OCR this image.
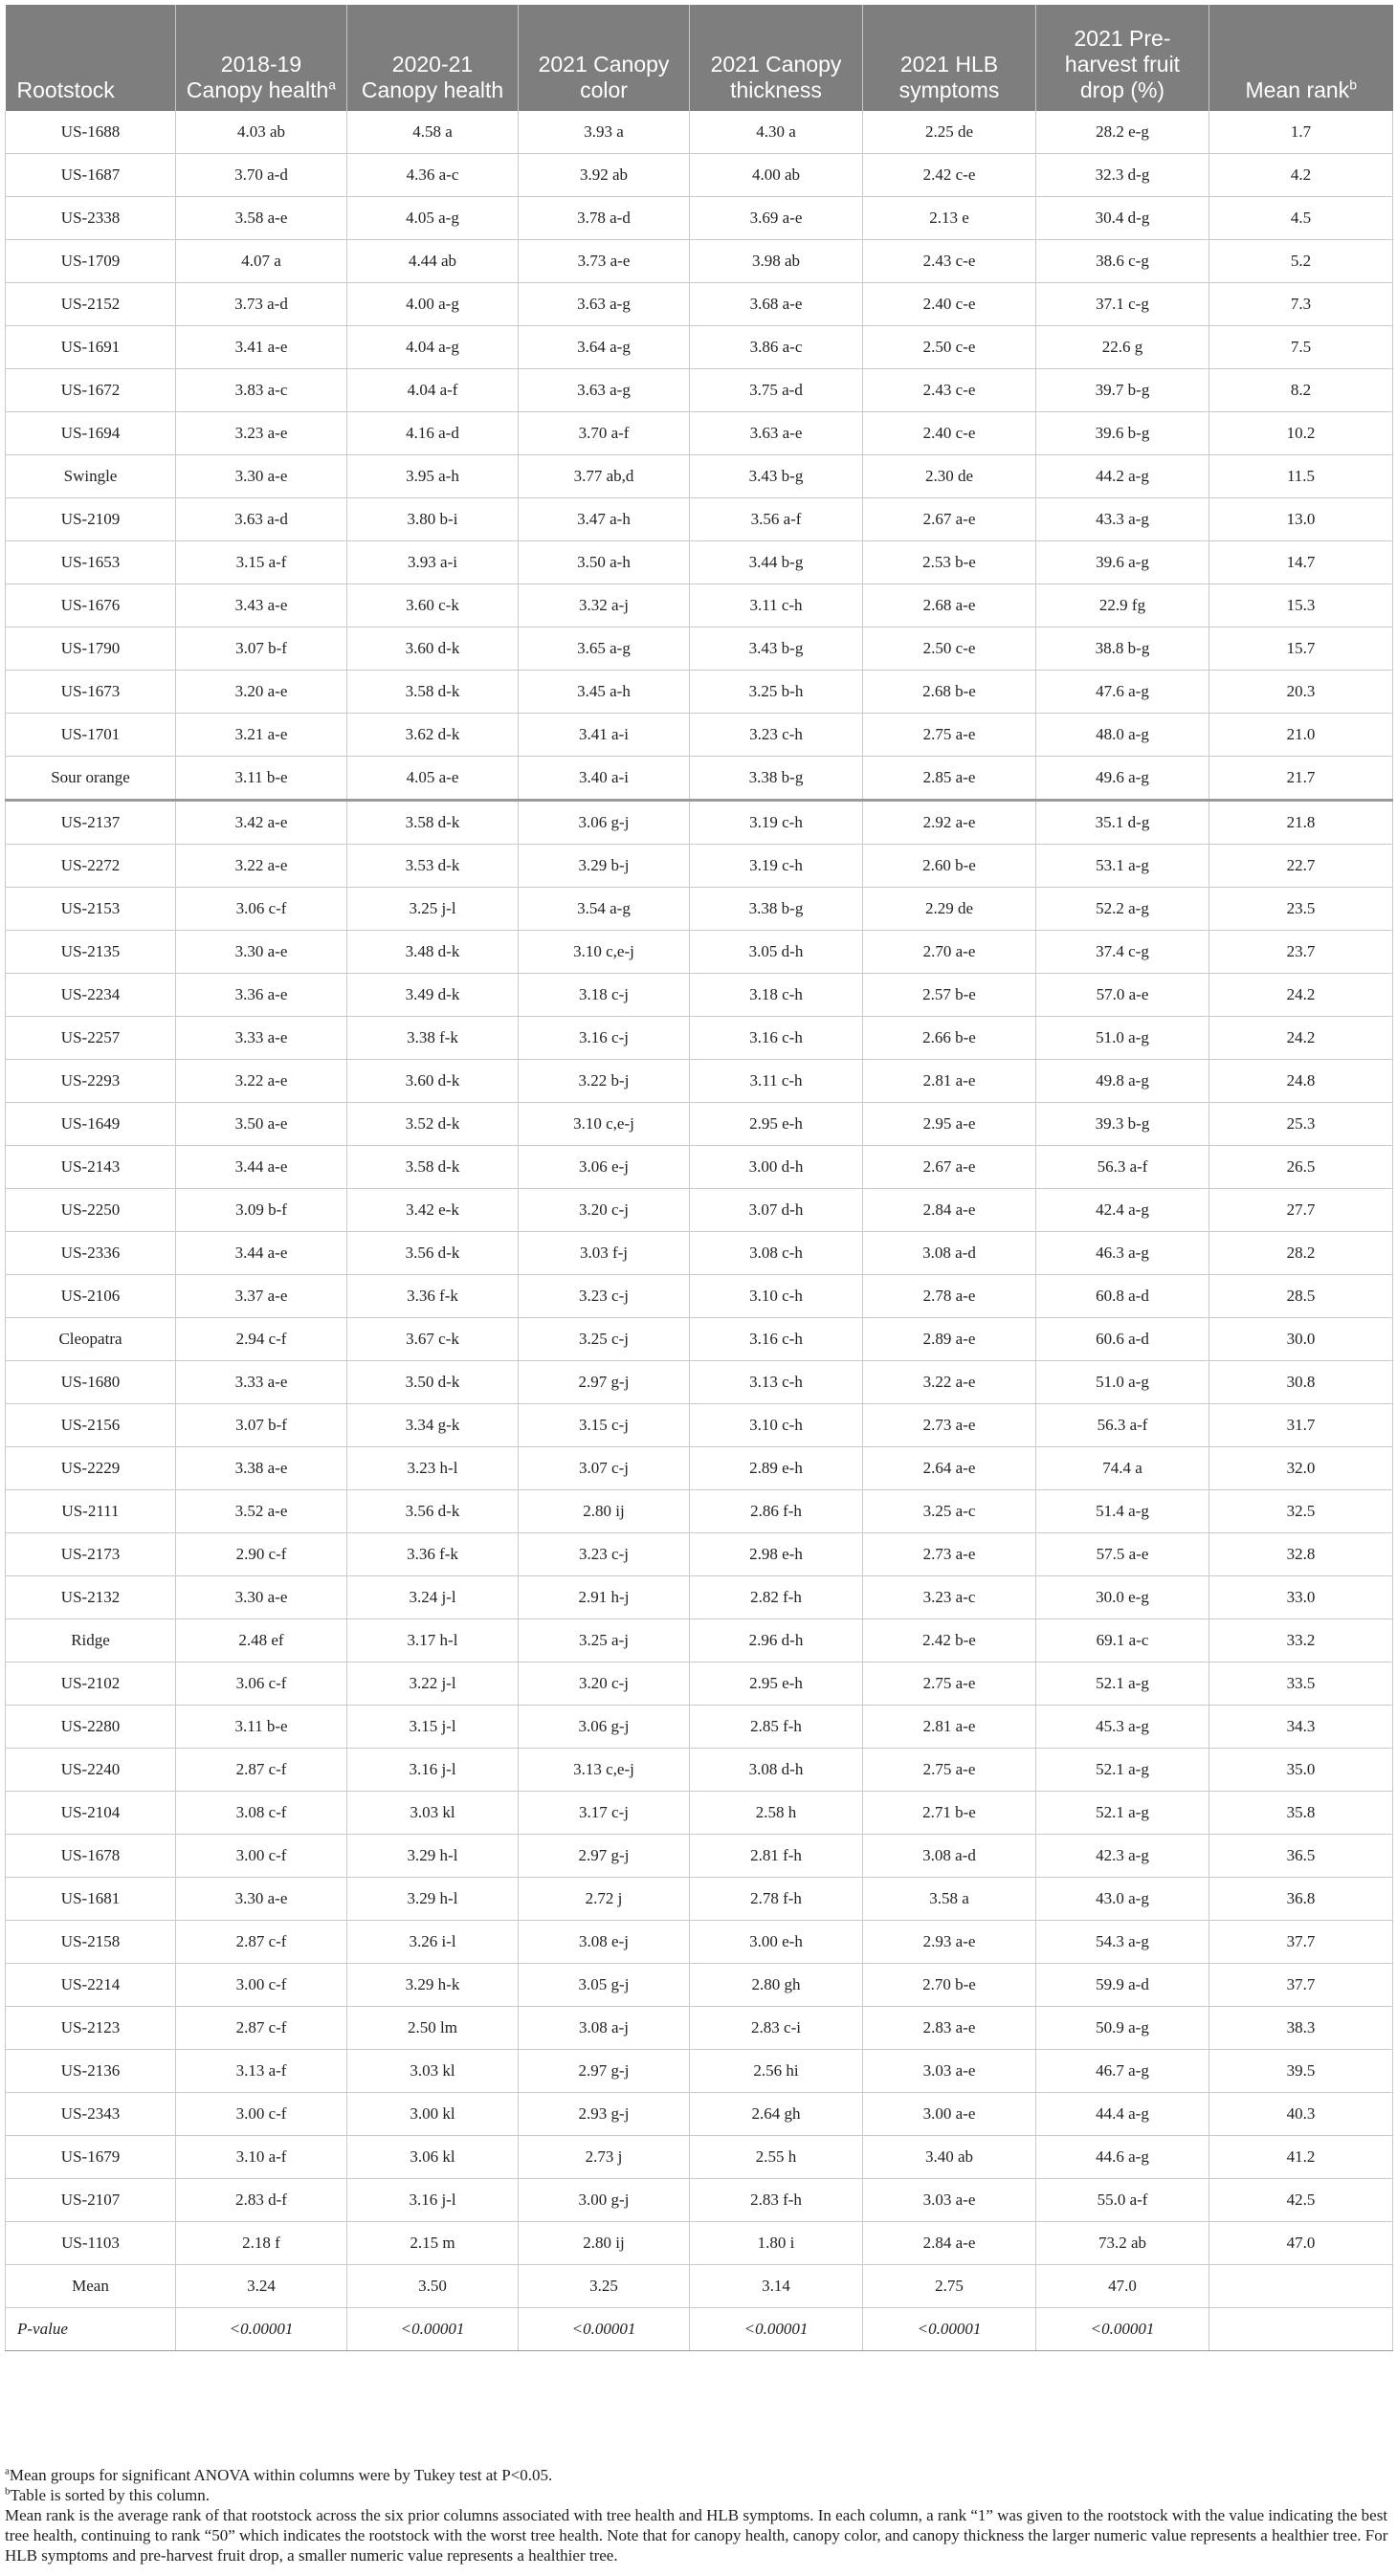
Rootstock	2018-19 Canopy health$^a$	2020-21 Canopy health	2021 Canopy color	2021 Canopy thickness	2021 HLB symptoms	2021 Pre-harvest fruit drop (%)	Mean rank$^b$
US-1688	4.03 ab	4.58 a	3.93 a	4.30 a	2.25 de	28.2 e-g	1.7
US-1687	3.70 a-d	4.36 a-c	3.92 ab	4.00 ab	2.42 c-e	32.3 d-g	4.2
US-2338	3.58 a-e	4.05 a-g	3.78 a-d	3.69 a-e	2.13 e	30.4 d-g	4.5
US-1709	4.07 a	4.44 ab	3.73 a-e	3.98 ab	2.43 c-e	38.6 c-g	5.2
US-2152	3.73 a-d	4.00 a-g	3.63 a-g	3.68 a-e	2.40 c-e	37.1 c-g	7.3
US-1691	3.41 a-e	4.04 a-g	3.64 a-g	3.86 a-c	2.50 c-e	22.6 g	7.5
US-1672	3.83 a-c	4.04 a-f	3.63 a-g	3.75 a-d	2.43 c-e	39.7 b-g	8.2
US-1694	3.23 a-e	4.16 a-d	3.70 a-f	3.63 a-e	2.40 c-e	39.6 b-g	10.2
Swingle	3.30 a-e	3.95 a-h	3.77 ab,d	3.43 b-g	2.30 de	44.2 a-g	11.5
US-2109	3.63 a-d	3.80 b-i	3.47 a-h	3.56 a-f	2.67 a-e	43.3 a-g	13.0
US-1653	3.15 a-f	3.93 a-i	3.50 a-h	3.44 b-g	2.53 b-e	39.6 a-g	14.7
US-1676	3.43 a-e	3.60 c-k	3.32 a-j	3.11 c-h	2.68 a-e	22.9 fg	15.3
US-1790	3.07 b-f	3.60 d-k	3.65 a-g	3.43 b-g	2.50 c-e	38.8 b-g	15.7
US-1673	3.20 a-e	3.58 d-k	3.45 a-h	3.25 b-h	2.68 b-e	47.6 a-g	20.3
US-1701	3.21 a-e	3.62 d-k	3.41 a-i	3.23 c-h	2.75 a-e	48.0 a-g	21.0
Sour orange	3.11 b-e	4.05 a-e	3.40 a-i	3.38 b-g	2.85 a-e	49.6 a-g	21.7
US-2137	3.42 a-e	3.58 d-k	3.06 g-j	3.19 c-h	2.92 a-e	35.1 d-g	21.8
US-2272	3.22 a-e	3.53 d-k	3.29 b-j	3.19 c-h	2.60 b-e	53.1 a-g	22.7
US-2153	3.06 c-f	3.25 j-l	3.54 a-g	3.38 b-g	2.29 de	52.2 a-g	23.5
US-2135	3.30 a-e	3.48 d-k	3.10 c,e-j	3.05 d-h	2.70 a-e	37.4 c-g	23.7
US-2234	3.36 a-e	3.49 d-k	3.18 c-j	3.18 c-h	2.57 b-e	57.0 a-e	24.2
US-2257	3.33 a-e	3.38 f-k	3.16 c-j	3.16 c-h	2.66 b-e	51.0 a-g	24.2
US-2293	3.22 a-e	3.60 d-k	3.22 b-j	3.11 c-h	2.81 a-e	49.8 a-g	24.8
US-1649	3.50 a-e	3.52 d-k	3.10 c,e-j	2.95 e-h	2.95 a-e	39.3 b-g	25.3
US-2143	3.44 a-e	3.58 d-k	3.06 e-j	3.00 d-h	2.67 a-e	56.3 a-f	26.5
US-2250	3.09 b-f	3.42 e-k	3.20 c-j	3.07 d-h	2.84 a-e	42.4 a-g	27.7
US-2336	3.44 a-e	3.56 d-k	3.03 f-j	3.08 c-h	3.08 a-d	46.3 a-g	28.2
US-2106	3.37 a-e	3.36 f-k	3.23 c-j	3.10 c-h	2.78 a-e	60.8 a-d	28.5
Cleopatra	2.94 c-f	3.67 c-k	3.25 c-j	3.16 c-h	2.89 a-e	60.6 a-d	30.0
US-1680	3.33 a-e	3.50 d-k	2.97 g-j	3.13 c-h	3.22 a-e	51.0 a-g	30.8
US-2156	3.07 b-f	3.34 g-k	3.15 c-j	3.10 c-h	2.73 a-e	56.3 a-f	31.7
US-2229	3.38 a-e	3.23 h-l	3.07 c-j	2.89 e-h	2.64 a-e	74.4 a	32.0
US-2111	3.52 a-e	3.56 d-k	2.80 ij	2.86 f-h	3.25 a-c	51.4 a-g	32.5
US-2173	2.90 c-f	3.36 f-k	3.23 c-j	2.98 e-h	2.73 a-e	57.5 a-e	32.8
US-2132	3.30 a-e	3.24 j-l	2.91 h-j	2.82 f-h	3.23 a-c	30.0 e-g	33.0
Ridge	2.48 ef	3.17 h-l	3.25 a-j	2.96 d-h	2.42 b-e	69.1 a-c	33.2
US-2102	3.06 c-f	3.22 j-l	3.20 c-j	2.95 e-h	2.75 a-e	52.1 a-g	33.5
US-2280	3.11 b-e	3.15 j-l	3.06 g-j	2.85 f-h	2.81 a-e	45.3 a-g	34.3
US-2240	2.87 c-f	3.16 j-l	3.13 c,e-j	3.08 d-h	2.75 a-e	52.1 a-g	35.0
US-2104	3.08 c-f	3.03 kl	3.17 c-j	2.58 h	2.71 b-e	52.1 a-g	35.8
US-1678	3.00 c-f	3.29 h-l	2.97 g-j	2.81 f-h	3.08 a-d	42.3 a-g	36.5
US-1681	3.30 a-e	3.29 h-l	2.72 j	2.78 f-h	3.58 a	43.0 a-g	36.8
US-2158	2.87 c-f	3.26 i-l	3.08 e-j	3.00 e-h	2.93 a-e	54.3 a-g	37.7
US-2214	3.00 c-f	3.29 h-k	3.05 g-j	2.80 gh	2.70 b-e	59.9 a-d	37.7
US-2123	2.87 c-f	2.50 lm	3.08 a-j	2.83 c-i	2.83 a-e	50.9 a-g	38.3
US-2136	3.13 a-f	3.03 kl	2.97 g-j	2.56 hi	3.03 a-e	46.7 a-g	39.5
US-2343	3.00 c-f	3.00 kl	2.93 g-j	2.64 gh	3.00 a-e	44.4 a-g	40.3
US-1679	3.10 a-f	3.06 kl	2.73 j	2.55 h	3.40 ab	44.6 a-g	41.2
US-2107	2.83 d-f	3.16 j-l	3.00 g-j	2.83 f-h	3.03 a-e	55.0 a-f	42.5
US-1103	2.18 f	2.15 m	2.80 ij	1.80 i	2.84 a-e	73.2 ab	47.0
Mean	3.24	3.50	3.25	3.14	2.75	47.0	
P-value	<0.00001	<0.00001	<0.00001	<0.00001	<0.00001	<0.00001	

$^a$Mean groups for significant ANOVA within columns were by Tukey test at P<0.05.

$^b$Table is sorted by this column.

Mean rank is the average rank of that rootstock across the six prior columns associated with tree health and HLB symptoms. In each column, a rank “1” was given to the rootstock with the value indicating the best tree health, continuing to rank “50” which indicates the rootstock with the worst tree health. Note that for canopy health, canopy color, and canopy thickness the larger numeric value represents a healthier tree. For HLB symptoms and pre-harvest fruit drop, a smaller numeric value represents a healthier tree.
